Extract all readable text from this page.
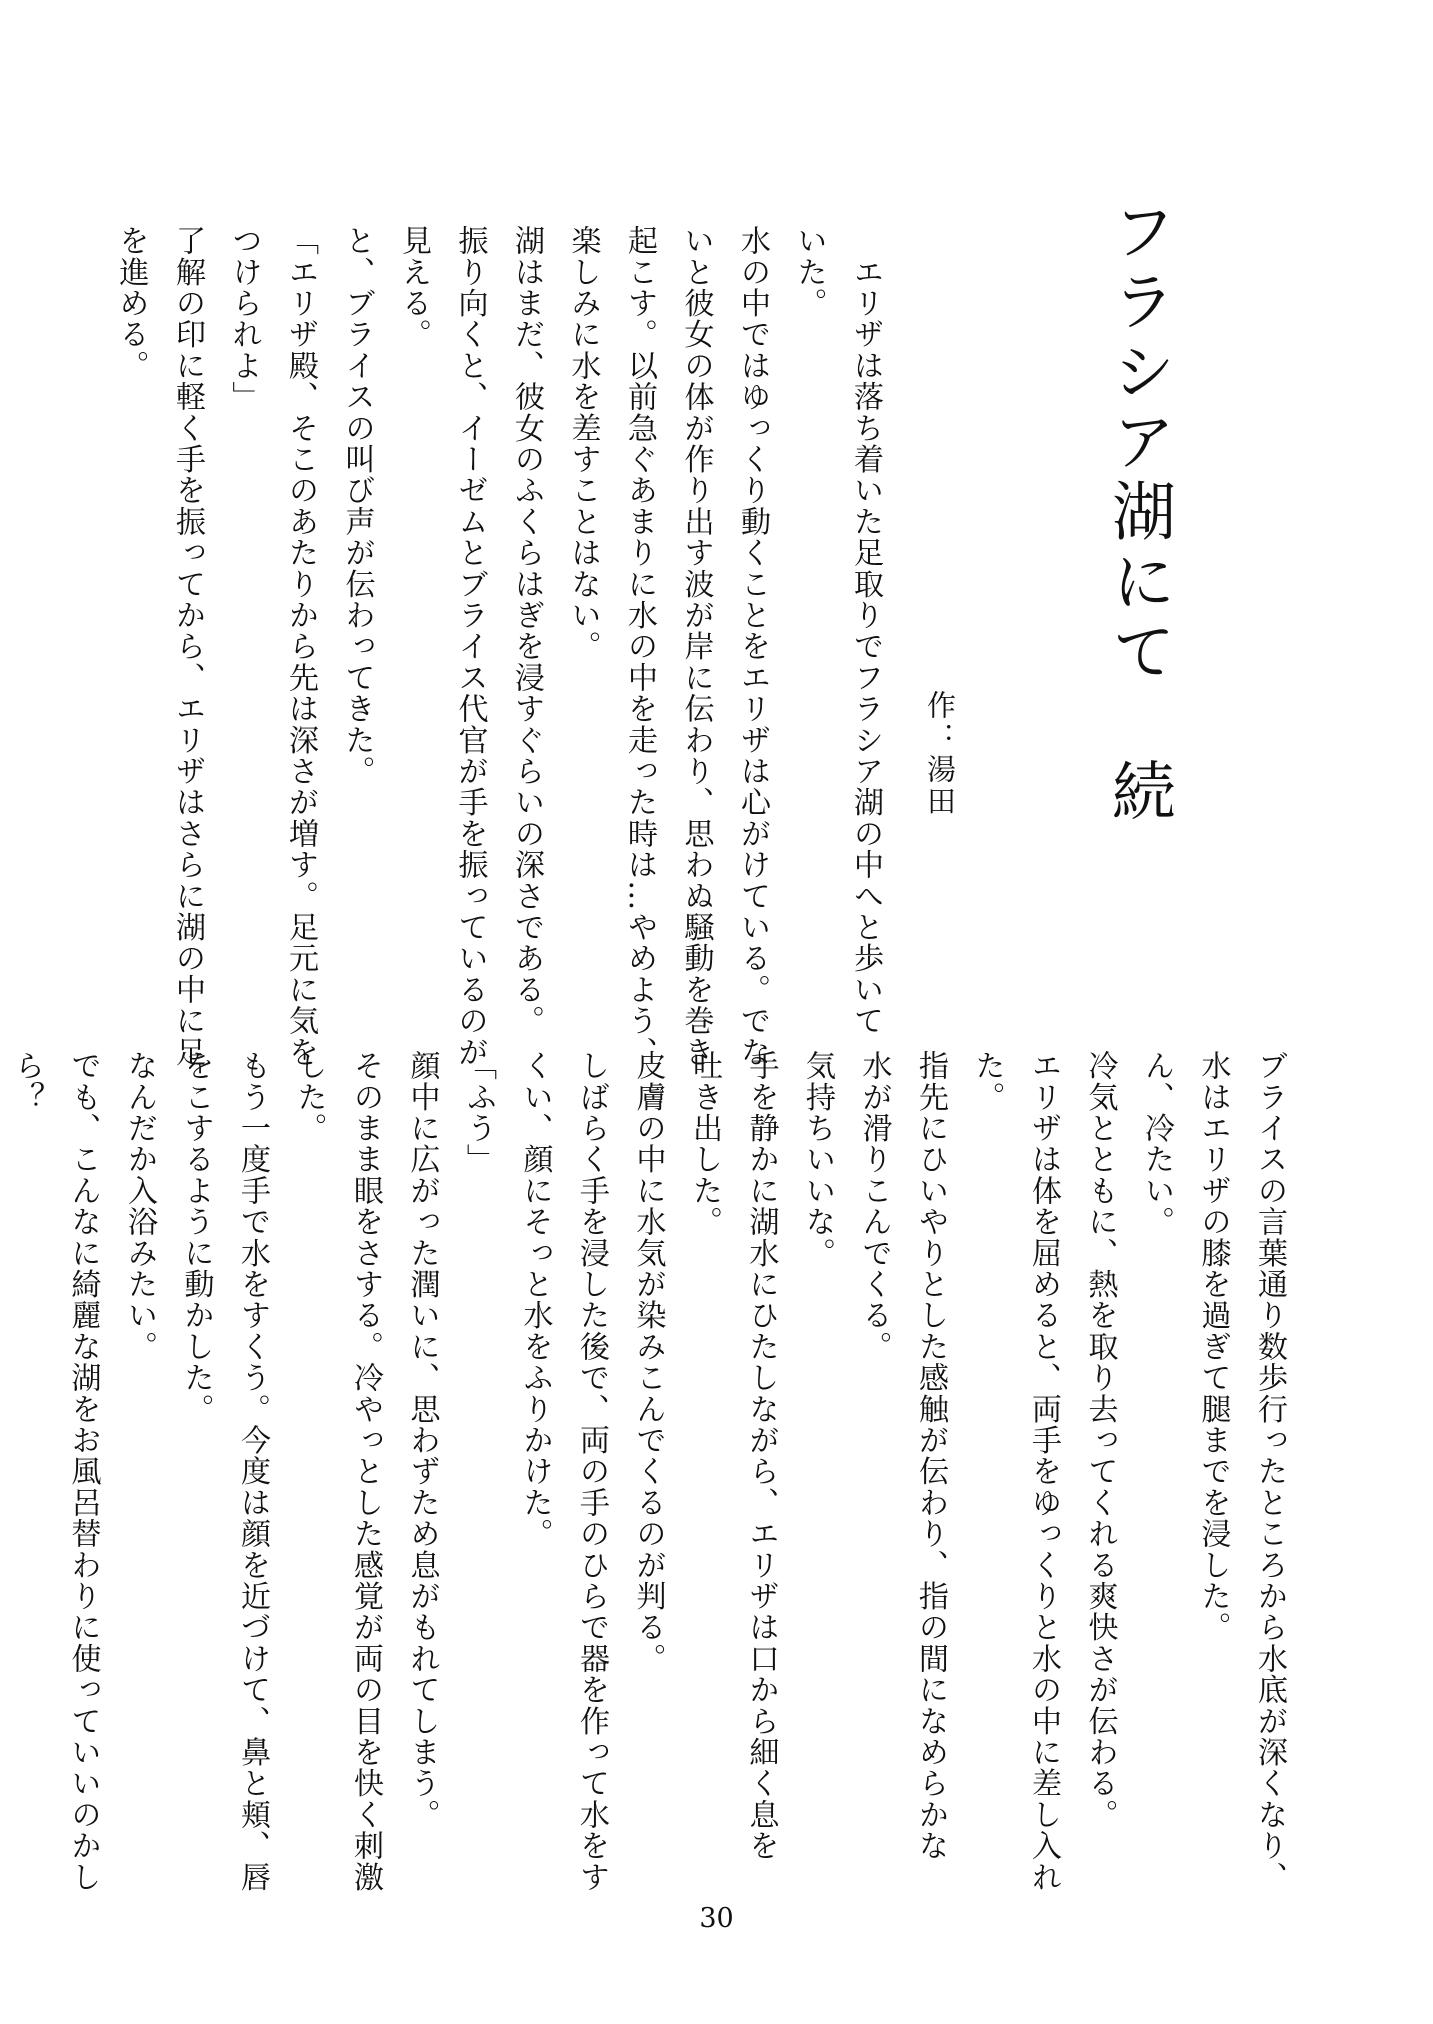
フラシア湖にて　続
作：湯田
　エリザは落ち着いた足取りでフラシア湖の中へと歩いて
いた。
水の中ではゆっくり動くことをエリザは心がけている。でな
いと彼女の体が作り出す波が岸に伝わり、思わぬ騒動を巻き
起こす。以前急ぐあまりに水の中を走った時は…やめよう、
楽しみに水を差すことはない。
湖はまだ、彼女のふくらはぎを浸すぐらいの深さである。
振り向くと、イーゼムとブライス代官が手を振っているのが
見える。
と、ブライスの叫び声が伝わってきた。
「エリザ殿、そこのあたりから先は深さが増す。足元に気を
つけられよ」
了解の印に軽く手を振ってから、エリザはさらに湖の中に足
を進める。
ブライスの言葉通り数歩行ったところから水底が深くなり、
水はエリザの膝を過ぎて腿までを浸した。
ん、冷たい。
冷気とともに、熱を取り去ってくれる爽快さが伝わる。
エリザは体を屈めると、両手をゆっくりと水の中に差し入れ
た。
指先にひいやりとした感触が伝わり、指の間になめらかな
水が滑りこんでくる。
気持ちいいな。
手を静かに湖水にひたしながら、エリザは口から細く息を
吐き出した。
皮膚の中に水気が染みこんでくるのが判る。
しばらく手を浸した後で、両の手のひらで器を作って水をす
くい、顔にそっと水をふりかけた。
「ふう」
顔中に広がった潤いに、思わずため息がもれてしまう。
そのまま眼をさする。冷やっとした感覚が両の目を快く刺激
した。
もう一度手で水をすくう。今度は顔を近づけて、鼻と頬、唇
をこするように動かした。
なんだか入浴みたい。
でも、こんなに綺麗な湖をお風呂替わりに使っていいのかし
ら？
30
